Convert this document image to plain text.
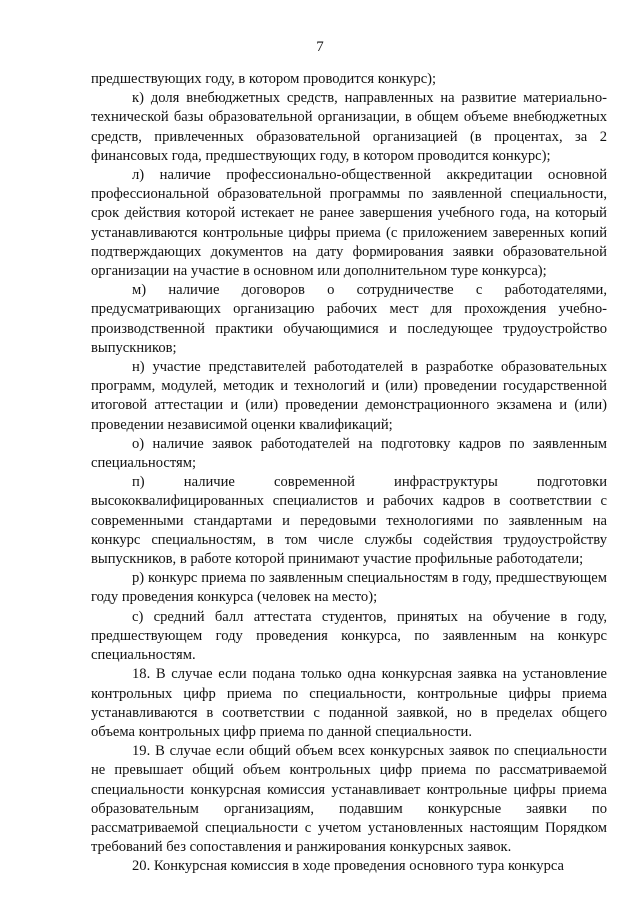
7

предшествующих году, в котором проводится конкурс);

к) доля внебюджетных средств, направленных на развитие материально-технической базы образовательной организации, в общем объеме внебюджетных средств, привлеченных образовательной организацией (в процентах, за 2 финансовых года, предшествующих году, в котором проводится конкурс);

л) наличие профессионально-общественной аккредитации основной профессиональной образовательной программы по заявленной специальности, срок действия которой истекает не ранее завершения учебного года, на который устанавливаются контрольные цифры приема (с приложением заверенных копий подтверждающих документов на дату формирования заявки образовательной организации на участие в основном или дополнительном туре конкурса);

м) наличие договоров о сотрудничестве с работодателями, предусматривающих организацию рабочих мест для прохождения учебно-производственной практики обучающимися и последующее трудоустройство выпускников;

н) участие представителей работодателей в разработке образовательных программ, модулей, методик и технологий и (или) проведении государственной итоговой аттестации и (или) проведении демонстрационного экзамена и (или) проведении независимой оценки квалификаций;

о) наличие заявок работодателей на подготовку кадров по заявленным специальностям;

п) наличие современной инфраструктуры подготовки высококвалифицированных специалистов и рабочих кадров в соответствии с современными стандартами и передовыми технологиями по заявленным на конкурс специальностям, в том числе службы содействия трудоустройству выпускников, в работе которой принимают участие профильные работодатели;

р) конкурс приема по заявленным специальностям в году, предшествующем году проведения конкурса (человек на место);

с) средний балл аттестата студентов, принятых на обучение в году, предшествующем году проведения конкурса, по заявленным на конкурс специальностям.

18. В случае если подана только одна конкурсная заявка на установление контрольных цифр приема по специальности, контрольные цифры приема устанавливаются в соответствии с поданной заявкой, но в пределах общего объема контрольных цифр приема по данной специальности.

19. В случае если общий объем всех конкурсных заявок по специальности не превышает общий объем контрольных цифр приема по рассматриваемой специальности конкурсная комиссия устанавливает контрольные цифры приема образовательным организациям, подавшим конкурсные заявки по рассматриваемой специальности с учетом установленных настоящим Порядком требований без сопоставления и ранжирования конкурсных заявок.

20. Конкурсная комиссия в ходе проведения основного тура конкурса
